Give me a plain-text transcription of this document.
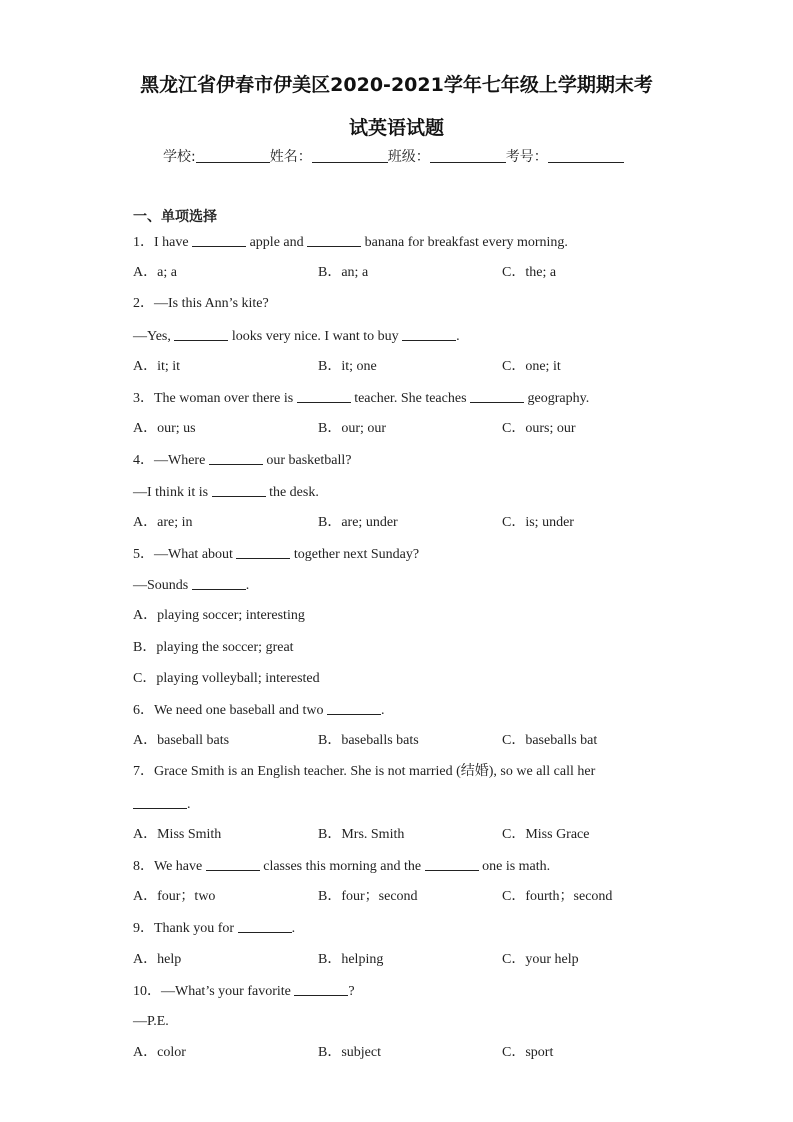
黑龙江省伊春市伊美区2020-2021学年七年级上学期期末考
试英语试题
学校:	姓名：	班级：	考号：
一、单项选择
1．I have	apple and	banana for breakfast every morning.
A．a; a	B．an; a	C．the; a
2．—Is this Ann’s kite?
—Yes,	looks very nice. I want to buy	.
A．it; it	B．it; one	C．one; it
3．The woman over there is	teacher. She teaches	geography.
A．our; us	B．our; our	C．ours; our
4．—Where	our basketball?
—I think it is	the desk.
A．are; in	B．are; under	C．is; under
5．—What about	together next Sunday?
—Sounds	.
A．playing soccer; interesting
B．playing the soccer; great
C．playing volleyball; interested
6．We need one baseball and two	.
A．baseball bats	B．baseballs bats	C．baseballs bat
7．Grace Smith is an English teacher. She is not married (结婚), so we all call her
.
A．Miss Smith	B．Mrs. Smith	C．Miss Grace
8．We have	classes this morning and the	one is math.
A．four；two	B．four；second	C．fourth；second
9．Thank you for	.
A．help	B．helping	C．your help
10．—What’s your favorite	?
—P.E.
A．color	B．subject	C．sport
